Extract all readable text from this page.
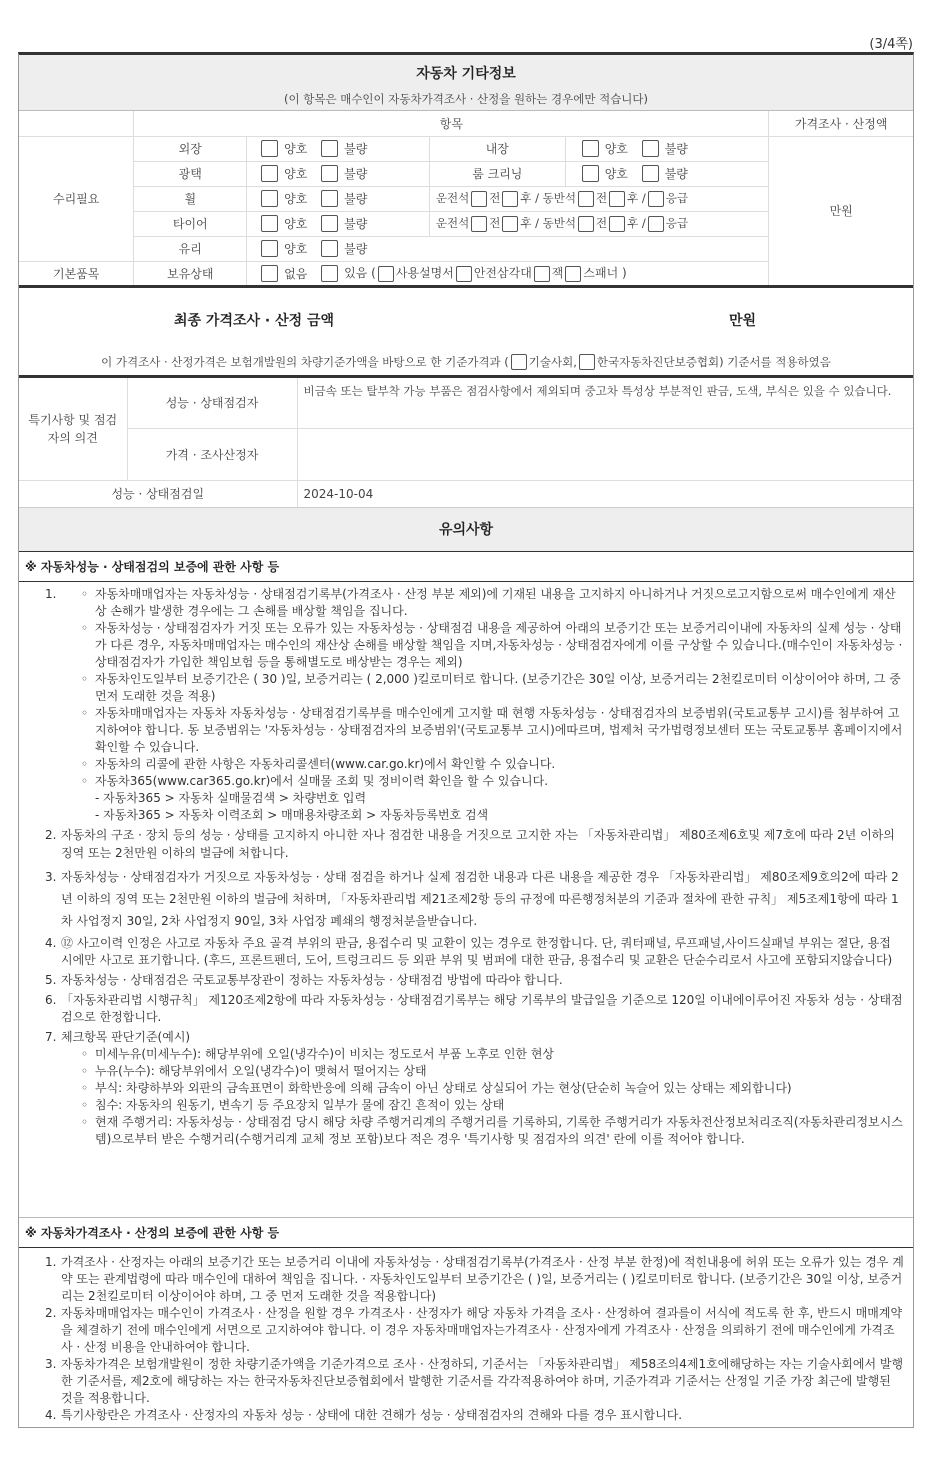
(3/4쪽)
자동차 기타정보
(이 항목은 매수인이 자동차가격조사 · 산정을 원하는 경우에만 적습니다)
	항목				가격조사 · 산정액
수리필요	외장	양호 불량	내장	양호 불량	만원
	광택	양호 불량	룸 크리닝	양호 불량	
	휠	양호 불량	운전석 전 후 / 동반석 전 후 / 응급		
	타이어	양호 불량	운전석 전 후 / 동반석 전 후 / 응급		
	유리	양호 불량			
기본품목	보유상태	없음 있음 ( 사용설명서 안전삼각대 잭 스패너 )			
최종 가격조사 · 산정 금액	만원
이 가격조사 · 산정가격은 보험개발원의 차량기준가액을 바탕으로 한 기준가격과 ( 기술사회, 한국자동차진단보증협회) 기준서를 적용하였음
특기사항 및 점검자의 의견	성능 · 상태점검자	비금속 또는 탈부착 가능 부품은 점검사항에서 제외되며 중고차 특성상 부분적인 판금, 도색, 부식은 있을 수 있습니다.
	가격 · 조사산정자	
성능 · 상태점검일		2024-10-04
유의사항
※ 자동차성능 · 상태점검의 보증에 관한 사항 등
1.	◦ 자동차매매업자는 자동차성능 · 상태점검기록부(가격조사 · 산정 부분 제외)에 기재된 내용을 고지하지 아니하거나 거짓으로고지함으로써 매수인에게 재산상 손해가 발생한 경우에는 그 손해를 배상할 책임을 집니다.
◦ 자동차성능 · 상태점검자가 거짓 또는 오류가 있는 자동차성능 · 상태점검 내용을 제공하여 아래의 보증기간 또는 보증거리이내에 자동차의 실제 성능 · 상태가 다른 경우, 자동차매매업자는 매수인의 재산상 손해를 배상할 책임을 지며,자동차성능 · 상태점검자에게 이를 구상할 수 있습니다.(매수인이 자동차성능 · 상태점검자가 가입한 책임보험 등을 통해별도로 배상받는 경우는 제외)
◦ 자동차인도일부터 보증기간은 ( 30 )일, 보증거리는 ( 2,000 )킬로미터로 합니다. (보증기간은 30일 이상, 보증거리는 2천킬로미터 이상이어야 하며, 그 중 먼저 도래한 것을 적용)
◦ 자동차매매업자는 자동차 자동차성능 · 상태점검기록부를 매수인에게 고지할 때 현행 자동차성능 · 상태점검자의 보증범위(국토교통부 고시)를 첨부하여 고지하여야 합니다. 동 보증범위는 '자동차성능 · 상태점검자의 보증범위'(국토교통부 고시)에따르며, 법제처 국가법령정보센터 또는 국토교통부 홈페이지에서 확인할 수 있습니다.
◦ 자동차의 리콜에 관한 사항은 자동차리콜센터(www.car.go.kr)에서 확인할 수 있습니다.
◦ 자동차365(www.car365.go.kr)에서 실매물 조회 및 정비이력 확인을 할 수 있습니다.
- 자동차365 > 자동차 실매물검색 > 차량번호 입력
- 자동차365 > 자동차 이력조회 > 매매용차량조회 > 자동차등록번호 검색
2. 자동차의 구조 · 장치 등의 성능 · 상태를 고지하지 아니한 자나 점검한 내용을 거짓으로 고지한 자는 「자동차관리법」 제80조제6호및 제7호에 따라 2년 이하의 징역 또는 2천만원 이하의 벌금에 처합니다.
3. 자동차성능 · 상태점검자가 거짓으로 자동차성능 · 상태 점검을 하거나 실제 점검한 내용과 다른 내용을 제공한 경우 「자동차관리법」 제80조제9호의2에 따라 2년 이하의 징역 또는 2천만원 이하의 벌금에 처하며, 「자동차관리법 제21조제2항 등의 규정에 따른행정처분의 기준과 절차에 관한 규칙」 제5조제1항에 따라 1차 사업정지 30일, 2차 사업정지 90일, 3차 사업장 폐쇄의 행정처분을받습니다.
4. ⑫ 사고이력 인정은 사고로 자동차 주요 골격 부위의 판금, 용접수리 및 교환이 있는 경우로 한정합니다. 단, 쿼터패널, 루프패널,사이드실패널 부위는 절단, 용접 시에만 사고로 표기합니다. (후드, 프론트펜더, 도어, 트렁크리드 등 외판 부위 및 범퍼에 대한 판금, 용접수리 및 교환은 단순수리로서 사고에 포함되지않습니다)
5. 자동차성능 · 상태점검은 국토교통부장관이 정하는 자동차성능 · 상태점검 방법에 따라야 합니다.
6. 「자동차관리법 시행규칙」 제120조제2항에 따라 자동차성능 · 상태점검기록부는 해당 기록부의 발급일을 기준으로 120일 이내에이루어진 자동차 성능 · 상태점검으로 한정합니다.
7. 체크항목 판단기준(예시)
◦ 미세누유(미세누수): 해당부위에 오일(냉각수)이 비치는 정도로서 부품 노후로 인한 현상
◦ 누유(누수): 해당부위에서 오일(냉각수)이 맺혀서 떨어지는 상태
◦ 부식: 차량하부와 외판의 금속표면이 화학반응에 의해 금속이 아닌 상태로 상실되어 가는 현상(단순히 녹슬어 있는 상태는 제외합니다)
◦ 침수: 자동차의 원동기, 변속기 등 주요장치 일부가 물에 잠긴 흔적이 있는 상태
◦ 현재 주행거리: 자동차성능 · 상태점검 당시 해당 차량 주행거리계의 주행거리를 기록하되, 기록한 주행거리가 자동차전산정보처리조직(자동차관리정보시스템)으로부터 받은 수행거리(수행거리계 교체 정보 포함)보다 적은 경우 '특기사항 및 점검자의 의견' 란에 이를 적어야 합니다.
※ 자동차가격조사 · 산정의 보증에 관한 사항 등
1. 가격조사 · 산정자는 아래의 보증기간 또는 보증거리 이내에 자동차성능 · 상태점검기록부(가격조사 · 산정 부분 한정)에 적힌내용에 허위 또는 오류가 있는 경우 계약 또는 관계법령에 따라 매수인에 대하여 책임을 집니다. · 자동차인도일부터 보증기간은 ( )일, 보증거리는 ( )킬로미터로 합니다. (보증기간은 30일 이상, 보증거리는 2천킬로미터 이상이어야 하며, 그 중 먼저 도래한 것을 적용합니다)
2. 자동차매매업자는 매수인이 가격조사 · 산정을 원할 경우 가격조사 · 산정자가 해당 자동차 가격을 조사 · 산정하여 결과를이 서식에 적도록 한 후, 반드시 매매계약을 체결하기 전에 매수인에게 서면으로 고지하여야 합니다. 이 경우 자동차매매업자는가격조사 · 산정자에게 가격조사 · 산정을 의뢰하기 전에 매수인에게 가격조사 · 산정 비용을 안내하여야 합니다.
3. 자동차가격은 보험개발원이 정한 차량기준가액을 기준가격으로 조사 · 산정하되, 기준서는 「자동차관리법」 제58조의4제1호에해당하는 자는 기술사회에서 발행한 기준서를, 제2호에 해당하는 자는 한국자동차진단보증협회에서 발행한 기준서를 각각적용하여야 하며, 기준가격과 기준서는 산정일 기준 가장 최근에 발행된 것을 적용합니다.
4. 특기사항란은 가격조사 · 산정자의 자동차 성능 · 상태에 대한 견해가 성능 · 상태점검자의 견해와 다를 경우 표시합니다.
